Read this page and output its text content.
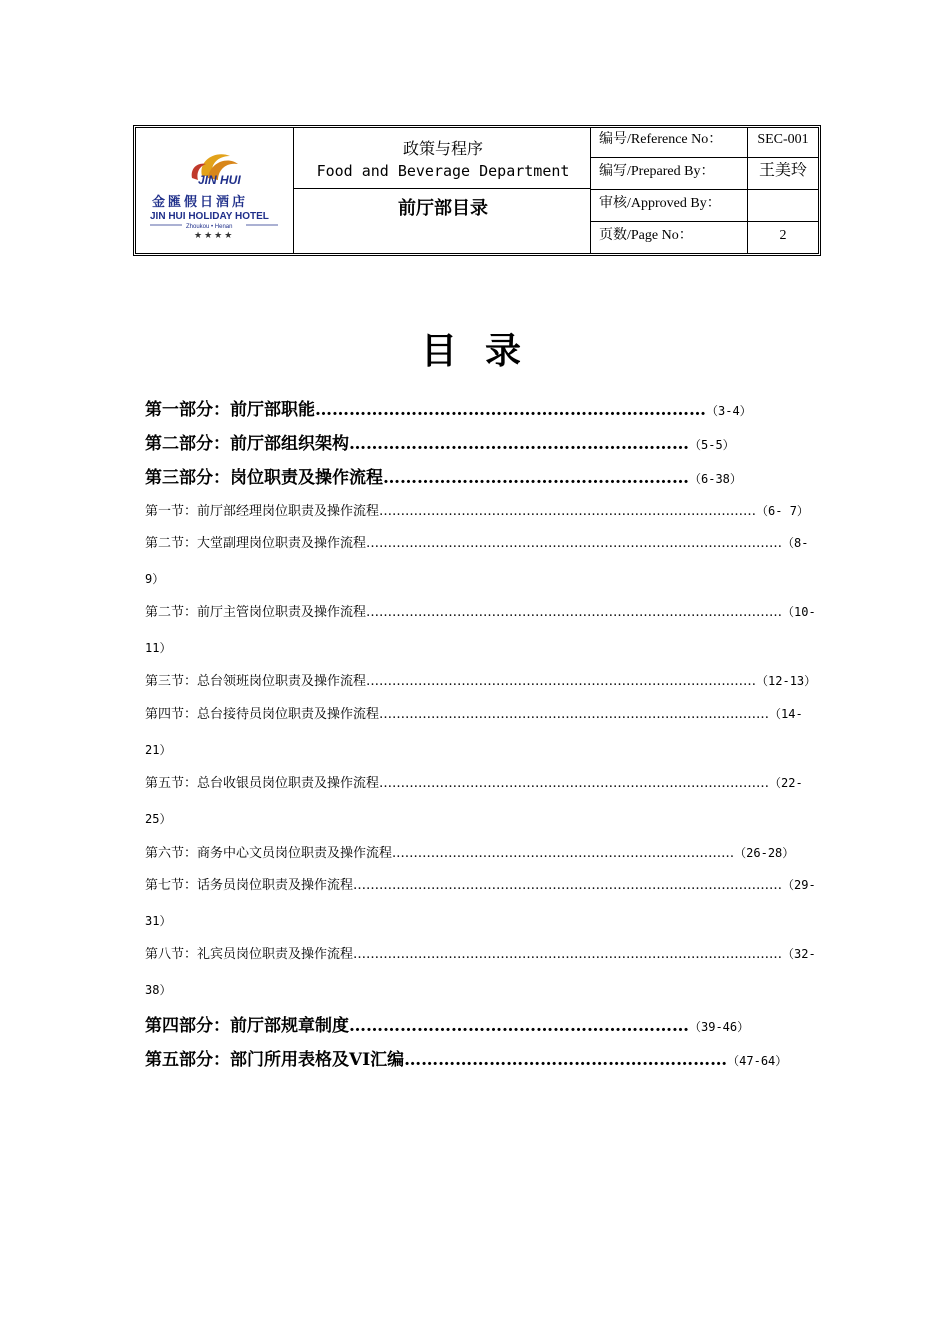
JIN HUI
金匯假日酒店
JIN HUI HOLIDAY HOTEL
Zhoukou • Henan
★★★★
政策与程序
Food and Beverage Department
前厅部目录
编号/Reference No：	SEC-001
编写/Prepared By：	王美玲
审核/Approved By：
页数/Page No：	2
目录
第一部分：前厅部职能……………………………………………………………（3-4）
第二部分：前厅部组织架构……………………………………………………（5-5）
第三部分：岗位职责及操作流程………………………………………………（6-38）
第一节：前厅部经理岗位职责及操作流程……………………………………………………………………………（6- 7）
第二节：大堂副理岗位职责及操作流程……………………………………………………………………………………（8-
9）
第二节：前厅主管岗位职责及操作流程……………………………………………………………………………………（10-
11）
第三节：总台领班岗位职责及操作流程………………………………………………………………………………（12-13）
第四节：总台接待员岗位职责及操作流程………………………………………………………………………………（14-
21）
第五节：总台收银员岗位职责及操作流程………………………………………………………………………………（22-
25）
第六节：商务中心文员岗位职责及操作流程.……………………………………………………………………（26-28）
第七节：话务员岗位职责及操作流程………………………………………………………………………………………（29-
31）
第八节：礼宾员岗位职责及操作流程………………………………………………………………………………………（32-
38）
第四部分：前厅部规章制度……………………………………………………（39-46）
第五部分：部门所用表格及VI汇编…………………………………………………（47-64）
